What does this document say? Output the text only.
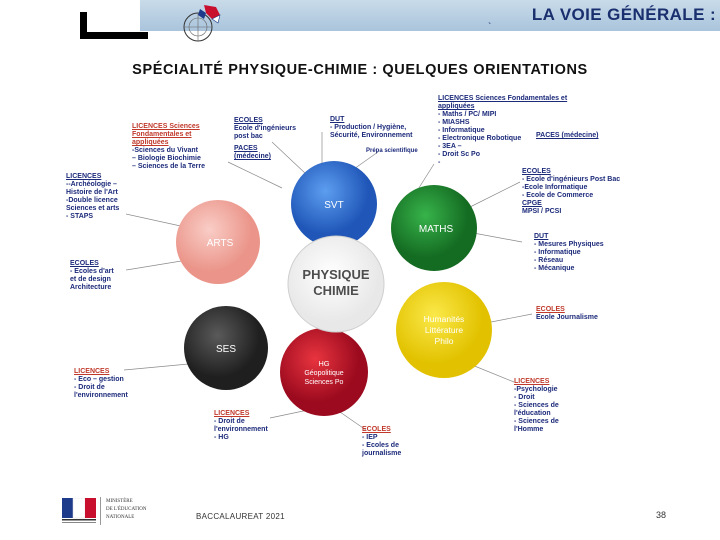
LA VOIE GÉNÉRALE :
`
SPÉCIALITÉ PHYSIQUE-CHIMIE : QUELQUES ORIENTATIONS
SVT
MATHS
ARTS
SES
HG
Géopolitique
Sciences Po
Humanités
Littérature
Philo
PHYSIQUE
CHIMIE
LICENCES Sciences
Fondamentales et
appliquées
-Sciences du Vivant
– Biologie Biochimie
– Sciences de la Terre
ECOLES
Ecole d'ingénieurs
post bac
PACES
(médecine)
DUT
- Production / Hygiène,
Sécurité, Environnement
Prépa scientifique
LICENCES Sciences Fondamentales et
appliquées
- Maths / PC/ MIPI
- MIASHS
- Informatique
- Electronique Robotique
- 3EA –
- Droit Sc Po
-
PACES (médecine)
ECOLES
- Ecole d'ingénieurs Post Bac
-Ecole Informatique
- Ecole de Commerce
CPGE
MPSI / PCSI
DUT
- Mesures Physiques
- Informatique
- Réseau
- Mécanique
LICENCES
--Archéologie –
Histoire de l'Art
-Double licence
Sciences et arts
- STAPS
ECOLES
- Ecoles d'art
et de design
Architecture
ECOLES
Ecole Journalisme
LICENCES
- Eco – gestion
- Droit de
l'environnement
LICENCES
- Droit de
l'environnement
- HG
ECOLES
- IEP
- Ecoles de
journalisme
LICENCES
-Psychologie
- Droit
- Sciences de
l'éducation
- Sciences de
l'Homme
MINISTÈRE
DE L'ÉDUCATION
NATIONALE	BACCALAUREAT 2021	38
